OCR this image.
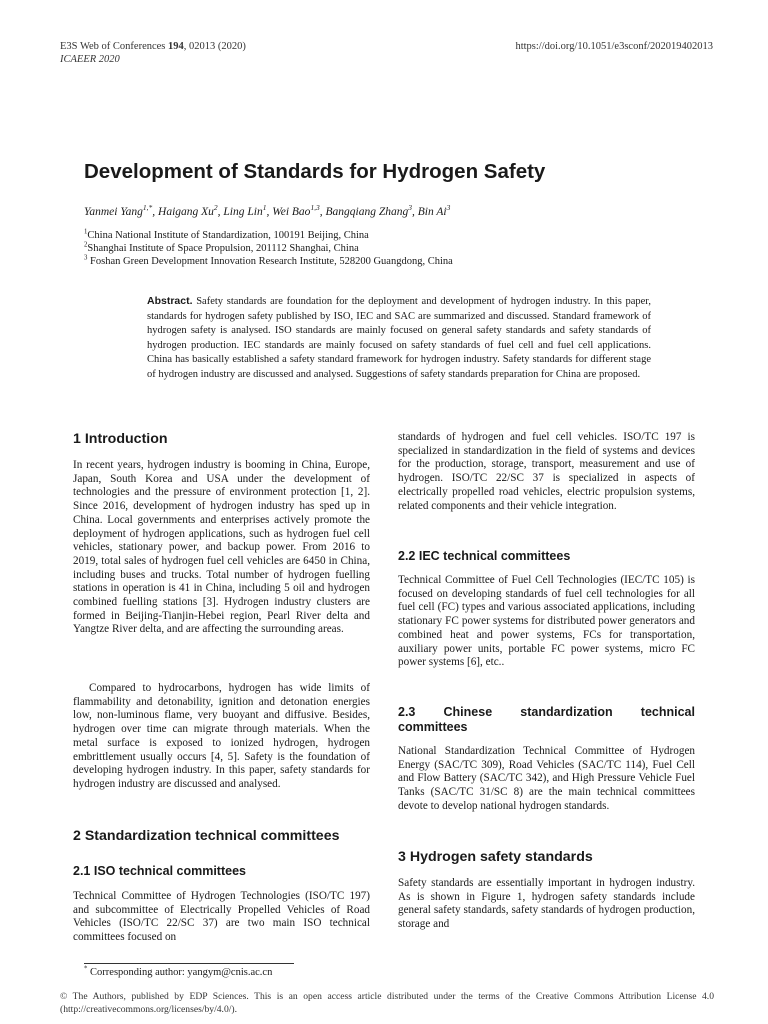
E3S Web of Conferences 194, 02013 (2020)
ICAEER 2020
https://doi.org/10.1051/e3sconf/202019402013
Development of Standards for Hydrogen Safety
Yanmei Yang$^{1,*}$, Haigang Xu$^2$, Ling Lin$^1$, Wei Bao$^{1,3}$, Bangqiang Zhang$^3$, Bin Ai$^3$
$^1$China National Institute of Standardization, 100191 Beijing, China
$^2$Shanghai Institute of Space Propulsion, 201112 Shanghai, China
$^3$ Foshan Green Development Innovation Research Institute, 528200 Guangdong, China
Abstract. Safety standards are foundation for the deployment and development of hydrogen industry. In this paper, standards for hydrogen safety published by ISO, IEC and SAC are summarized and discussed. Standard framework of hydrogen safety is analysed. ISO standards are mainly focused on general safety standards and safety standards of hydrogen production. IEC standards are mainly focused on safety standards of fuel cell and fuel cell applications. China has basically established a safety standard framework for hydrogen industry. Safety standards for different stage of hydrogen industry are discussed and analysed. Suggestions of safety standards preparation for China are proposed.
1 Introduction
In recent years, hydrogen industry is booming in China, Europe, Japan, South Korea and USA under the development of technologies and the pressure of environment protection [1, 2]. Since 2016, development of hydrogen industry has sped up in China. Local governments and enterprises actively promote the deployment of hydrogen applications, such as hydrogen fuel cell vehicles, stationary power, and backup power. From 2016 to 2019, total sales of hydrogen fuel cell vehicles are 6450 in China, including buses and trucks. Total number of hydrogen fuelling stations in operation is 41 in China, including 5 oil and hydrogen combined fuelling stations [3]. Hydrogen industry clusters are formed in Beijing-Tianjin-Hebei region, Pearl River delta and Yangtze River delta, and are affecting the surrounding areas.
Compared to hydrocarbons, hydrogen has wide limits of flammability and detonability, ignition and detonation energies low, non-luminous flame, very buoyant and diffusive. Besides, hydrogen over time can migrate through materials. When the metal surface is exposed to ionized hydrogen, hydrogen embrittlement usually occurs [4, 5]. Safety is the foundation of developing hydrogen industry. In this paper, safety standards for hydrogen industry are discussed and analysed.
2 Standardization technical committees
2.1 ISO technical committees
Technical Committee of Hydrogen Technologies (ISO/TC 197) and subcommittee of Electrically Propelled Vehicles of Road Vehicles (ISO/TC 22/SC 37) are two main ISO technical committees focused on
standards of hydrogen and fuel cell vehicles. ISO/TC 197 is specialized in standardization in the field of systems and devices for the production, storage, transport, measurement and use of hydrogen. ISO/TC 22/SC 37 is specialized in aspects of electrically propelled road vehicles, electric propulsion systems, related components and their vehicle integration.
2.2 IEC technical committees
Technical Committee of Fuel Cell Technologies (IEC/TC 105) is focused on developing standards of fuel cell technologies for all fuel cell (FC) types and various associated applications, including stationary FC power systems for distributed power generators and combined heat and power systems, FCs for transportation, auxiliary power units, portable FC power systems, micro FC power systems [6], etc..
2.3 Chinese standardization technical
committees
National Standardization Technical Committee of Hydrogen Energy (SAC/TC 309), Road Vehicles (SAC/TC 114), Fuel Cell and Flow Battery (SAC/TC 342), and High Pressure Vehicle Fuel Tanks (SAC/TC 31/SC 8) are the main technical committees devote to develop national hydrogen standards.
3 Hydrogen safety standards
Safety standards are essentially important in hydrogen industry. As is shown in Figure 1, hydrogen safety standards include general safety standards, safety standards of hydrogen production, storage and
* Corresponding author: yangym@cnis.ac.cn
© The Authors, published by EDP Sciences. This is an open access article distributed under the terms of the Creative Commons Attribution License 4.0 (http://creativecommons.org/licenses/by/4.0/).
